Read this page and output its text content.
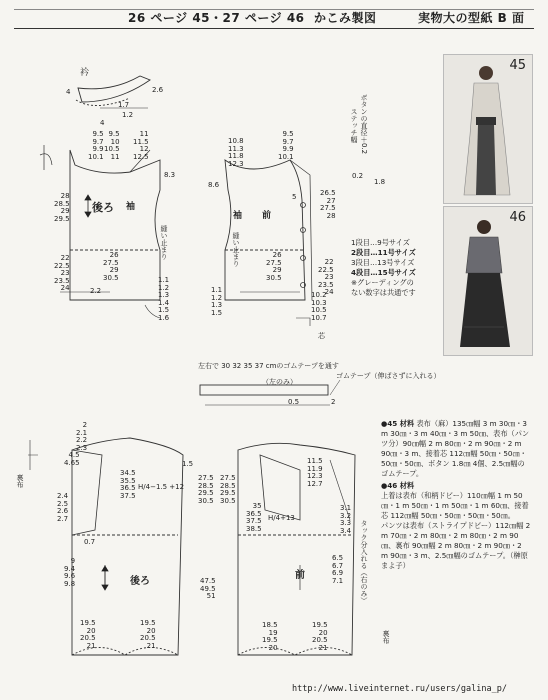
26 ページ 45・27 ページ 46 かこみ製図	実物大の型紙 B 面
衿
4	2.6
1.7
1.2
4
9.5
9.7
9.9
10.1
9.5
10
10.5
11
11
11.5
12
12.5
28
28.5
29
29.5
8.3
26
27.5
29
30.5
22
22.5
23
23.5
24
1.1
1.2
1.3
1.4
1.5
1.6
2.2
後ろ 袖
縫い止まり
10.8
11.3
11.8
12.3
9.5
9.7
9.9
10.1
26.5
27
27.5
28
26
27.5
29
30.5
22
22.5
23
23.5
24
10.2
10.3
10.5
10.7
1.1
1.2
1.3
1.5
8.6
5
前
袖
縫い止まり
芯
ボタンの直径＋0.2
ステッチ幅
0.2
1.8
45
46
1段目…9号サイズ
2段目…11号サイズ
3段目…13号サイズ
4段目…15号サイズ
※グレーディングの
ない数字は共通です
左右で 30 32 35 37 cmのゴムテープを通す
（左のみ）
ゴムテープ（伸ばさずに入れる）
0.5	2
2
2.1
2.2
2.3
4.5
4.65
2.4
2.5
2.6
2.7
34.5
35.5
36.5
37.5
H/4−1.5 +12
27.5
28.5
29.5
30.5
0.7
9
9.4
9.6
9.8
19.5
20
20.5
21
19.5
20
20.5
21
1.5
後ろ
裏布
11.5
11.9
12.3
12.7
27.5
28.5
29.5
30.5
35
36.5
37.5
38.5
H/4+13
3.1
3.2
3.3
3.4
47.5
49.5
51
6.5
6.7
6.9
7.1
18.5
19
19.5
20
19.5
20
20.5
21
前	タック分入れる（右のみ）
裏布

●45 材料 表布（麻）135㎝幅 3 m 30㎝・3 m 30㎝・3 m 40㎝・3 m 50㎝、表布（パンツ分）90㎝幅 2 m 80㎝・2 m 90㎝・2 m 90㎝・3 m、接着芯 112㎝幅 50㎝・50㎝・50㎝・50㎝、ボタン 1.8㎝ 4個、2.5㎝幅のゴムテープ。

●46 材料

上着は表布（和柄ドビー）110㎝幅 1 m 50㎝・1 m 50㎝・1 m 50㎝・1 m 60㎝、接着芯 112㎝幅 50㎝・50㎝・50㎝・50㎝。

パンツは表布（ストライプドビー）112㎝幅 2 m 70㎝・2 m 80㎝・2 m 80㎝・2 m 90㎝、裏布 90㎝幅 2 m 80㎝・2 m 90㎝・2 m 90㎝・3 m、2.5㎝幅のゴムテープ。（榊原まよ子）

http://www.liveinternet.ru/users/galina_p/
